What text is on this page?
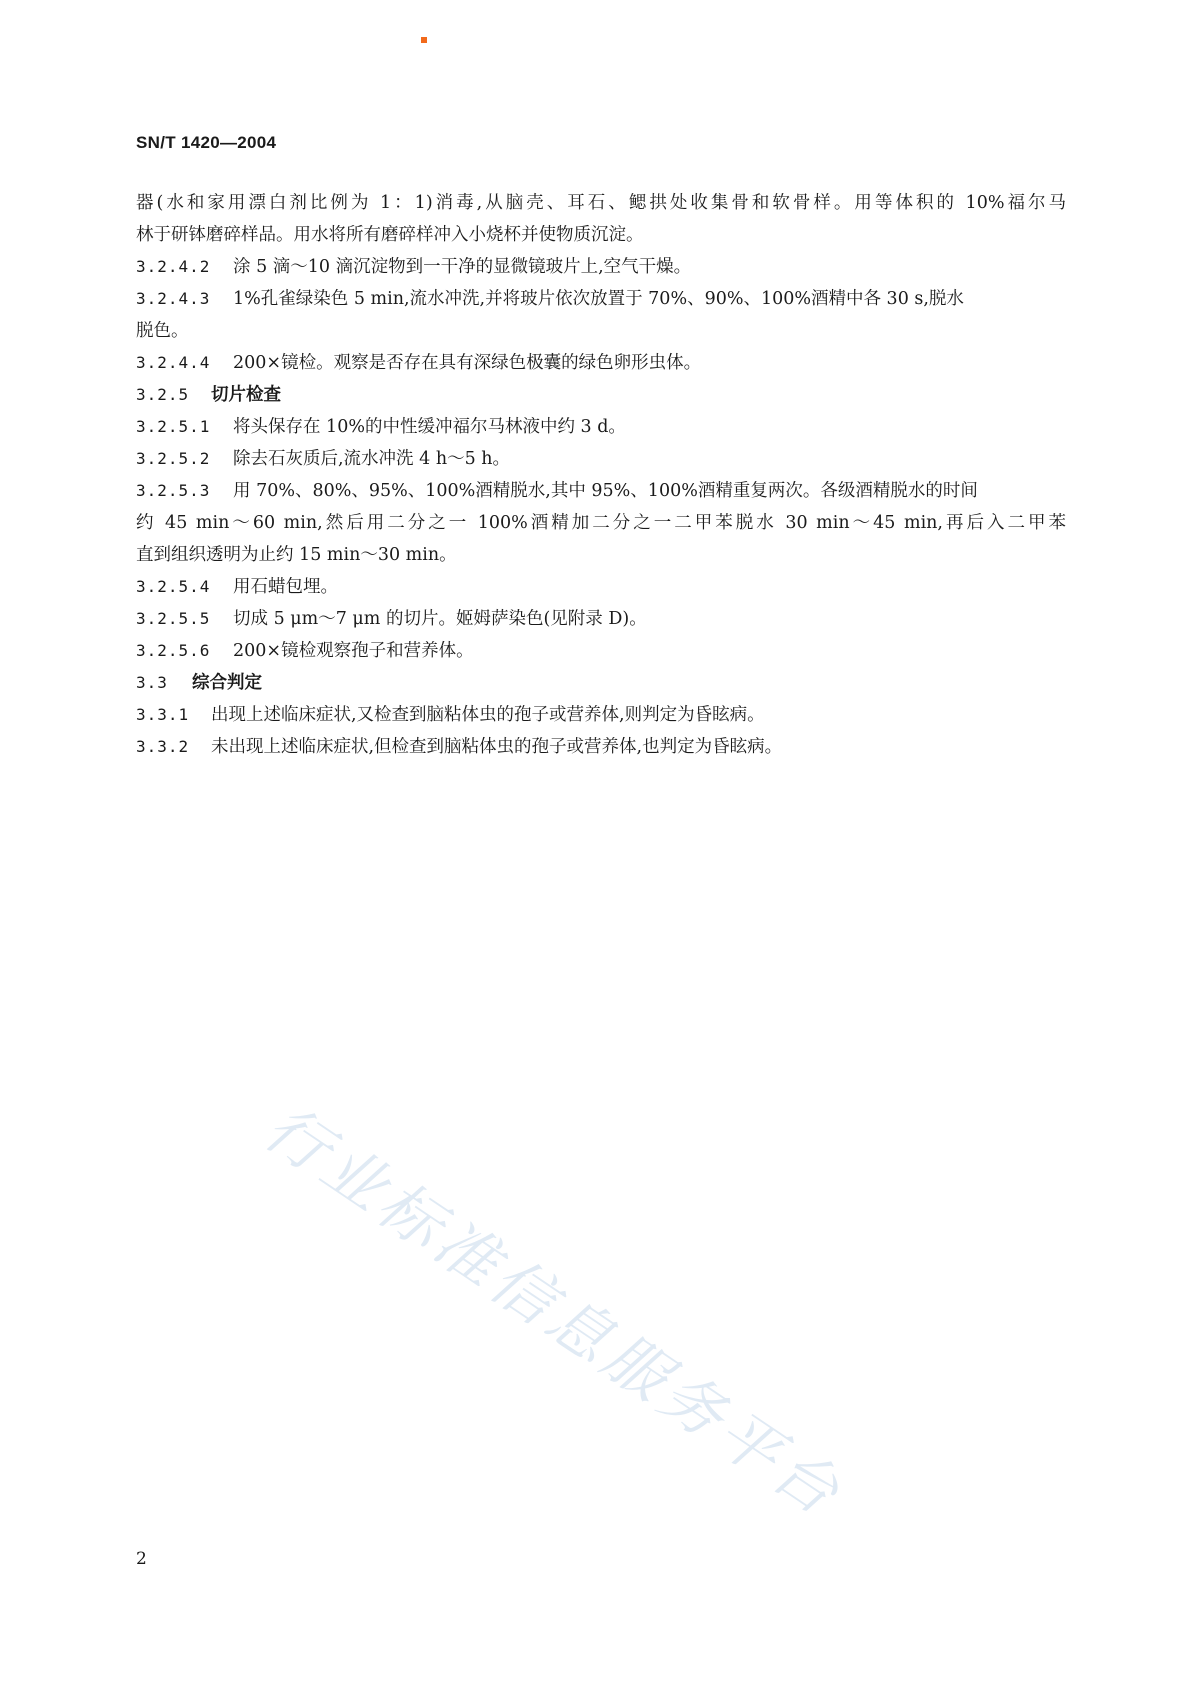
SN/T 1420—2004
器(水和家用漂白剂比例为 1：1)消毒,从脑壳、耳石、鳃拱处收集骨和软骨样。用等体积的 10%福尔马
林于研钵磨碎样品。用水将所有磨碎样冲入小烧杯并使物质沉淀。
3.2.4.2 涂 5 滴～10 滴沉淀物到一干净的显微镜玻片上,空气干燥。
3.2.4.3 1%孔雀绿染色 5 min,流水冲洗,并将玻片依次放置于 70%、90%、100%酒精中各 30 s,脱水
脱色。
3.2.4.4 200×镜检。观察是否存在具有深绿色极囊的绿色卵形虫体。
3.2.5 切片检查
3.2.5.1 将头保存在 10%的中性缓冲福尔马林液中约 3 d。
3.2.5.2 除去石灰质后,流水冲洗 4 h～5 h。
3.2.5.3 用 70%、80%、95%、100%酒精脱水,其中 95%、100%酒精重复两次。各级酒精脱水的时间
约 45 min～60 min,然后用二分之一 100%酒精加二分之一二甲苯脱水 30 min～45 min,再后入二甲苯
直到组织透明为止约 15 min～30 min。
3.2.5.4 用石蜡包埋。
3.2.5.5 切成 5 μm～7 μm 的切片。姬姆萨染色(见附录 D)。
3.2.5.6 200×镜检观察孢子和营养体。
3.3 综合判定
3.3.1 出现上述临床症状,又检查到脑粘体虫的孢子或营养体,则判定为昏眩病。
3.3.2 未出现上述临床症状,但检查到脑粘体虫的孢子或营养体,也判定为昏眩病。
行业标准信息服务平台
2
